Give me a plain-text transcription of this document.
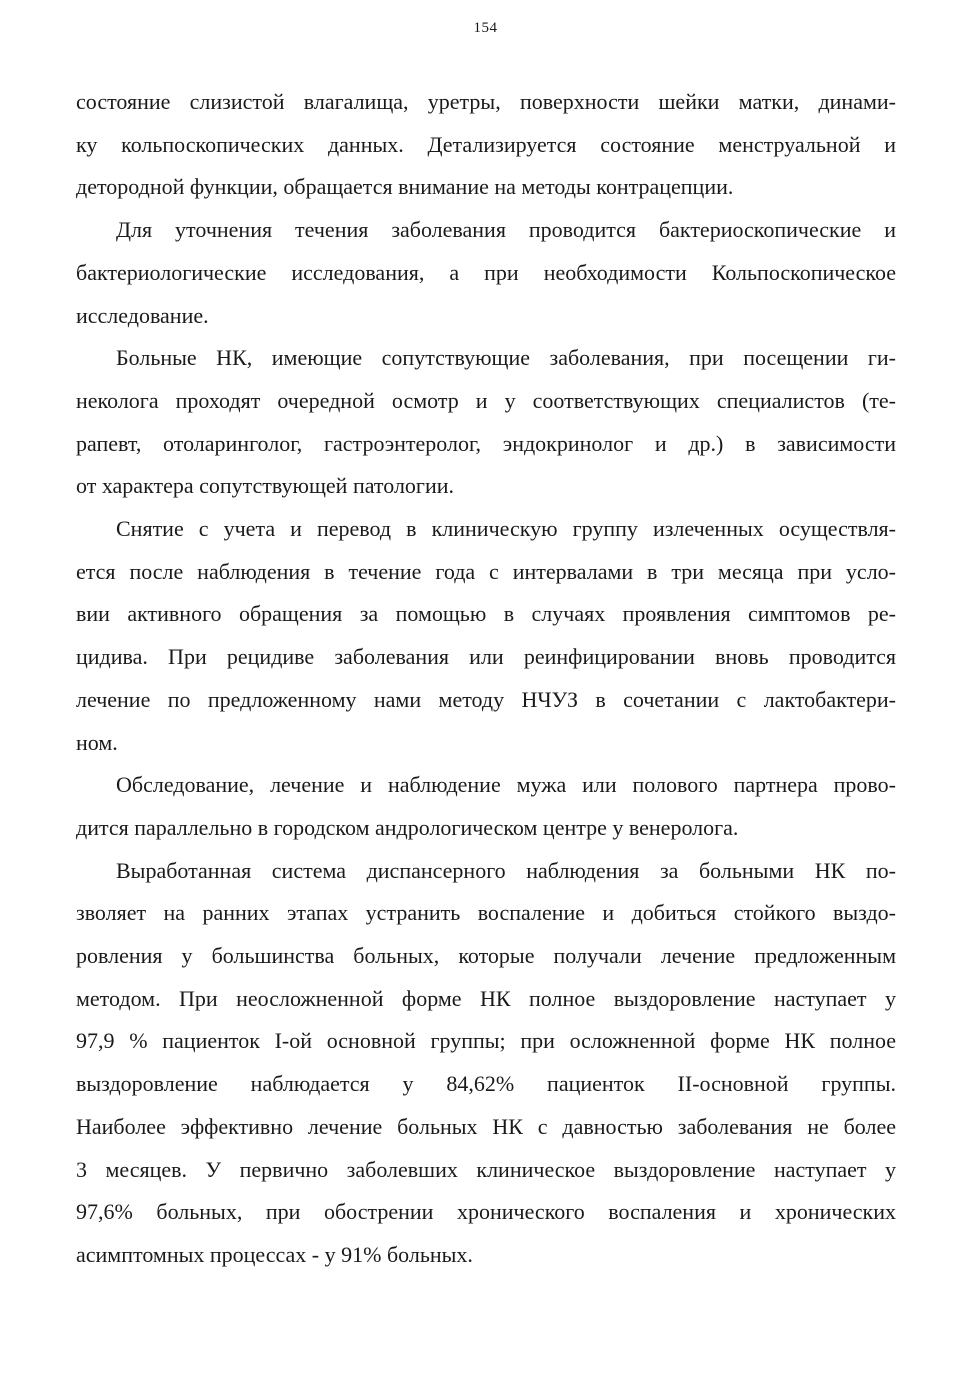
154
состояние слизистой влагалища, уретры, поверхности шейки матки, динами-
ку кольпоскопических данных. Детализируется состояние менструальной и
детородной функции, обращается внимание на методы контрацепции.
Для уточнения течения заболевания проводится бактериоскопические и
бактериологические исследования, а при необходимости Кольпоскопическое
исследование.
Больные НК, имеющие сопутствующие заболевания, при посещении ги-
неколога проходят очередной осмотр и у соответствующих специалистов (те-
рапевт, отоларинголог, гастроэнтеролог, эндокринолог и др.) в зависимости
от характера сопутствующей патологии.
Снятие с учета и перевод в клиническую группу излеченных осуществля-
ется после наблюдения в течение года с интервалами в три месяца при усло-
вии активного обращения за помощью в случаях проявления симптомов ре-
цидива. При рецидиве заболевания или реинфицировании вновь проводится
лечение по предложенному нами методу НЧУЗ в сочетании с лактобактери-
ном.
Обследование, лечение и наблюдение мужа или полового партнера прово-
дится параллельно в городском андрологическом центре у венеролога.
Выработанная система диспансерного наблюдения за больными НК по-
зволяет на ранних этапах устранить воспаление и добиться стойкого выздо-
ровления у большинства больных, которые получали лечение предложенным
методом. При неосложненной форме НК полное выздоровление наступает у
97,9 % пациенток I-ой основной группы; при осложненной форме НК полное
выздоровление наблюдается у 84,62% пациенток II-основной группы.
Наиболее эффективно лечение больных НК с давностью заболевания не более
3 месяцев. У первично заболевших клиническое выздоровление наступает у
97,6% больных, при обострении хронического воспаления и хронических
асимптомных процессах - у 91% больных.
